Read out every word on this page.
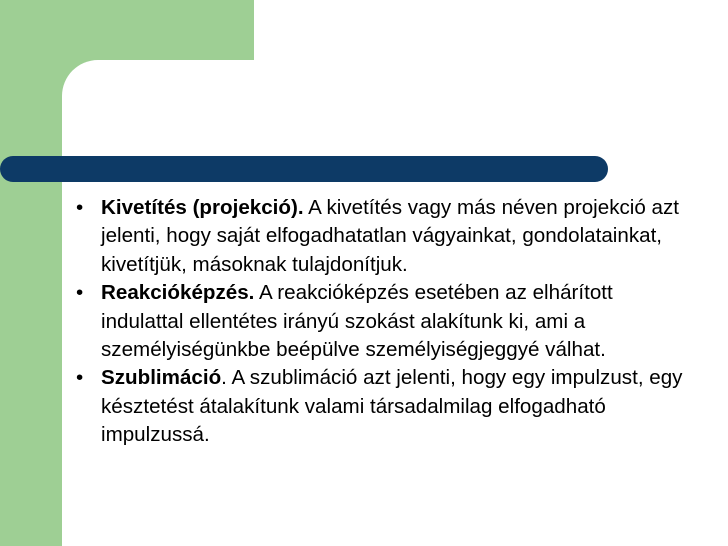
• Kivetítés (projekció). A kivetítés vagy más néven projekció azt jelenti, hogy saját elfogadhatatlan vágyainkat, gondolatainkat, kivetítjük, másoknak tulajdonítjuk.
• Reakcióképzés. A reakcióképzés esetében az elhárított indulattal ellentétes irányú szokást alakítunk ki, ami a személyiségünkbe beépülve személyiségjeggyé válhat.
• Szublimáció. A szublimáció azt jelenti, hogy egy impulzust, egy késztetést átalakítunk valami társadalmilag elfogadható impulzussá.
